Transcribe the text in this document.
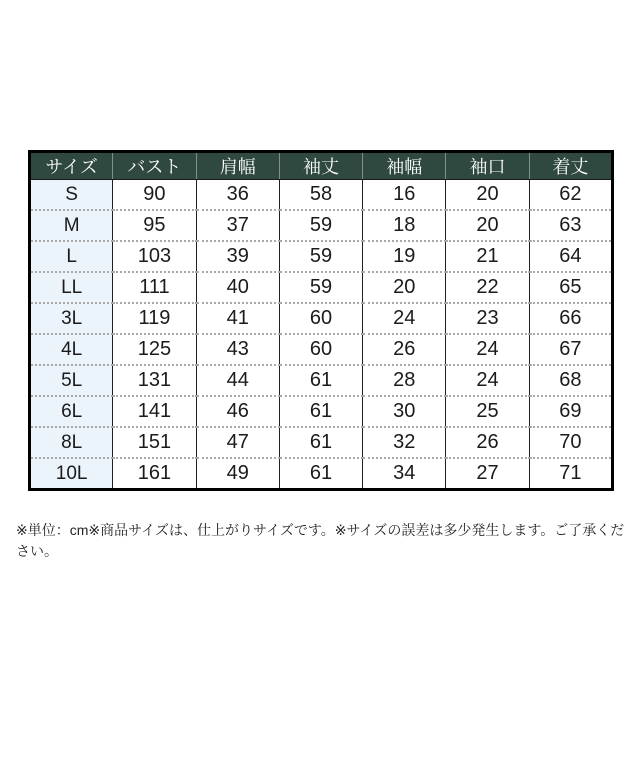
サイズ	バスト	肩幅	袖丈	袖幅	袖口	着丈
S	90	36	58	16	20	62
M	95	37	59	18	20	63
L	103	39	59	19	21	64
LL	111	40	59	20	22	65
3L	119	41	60	24	23	66
4L	125	43	60	26	24	67
5L	131	44	61	28	24	68
6L	141	46	61	30	25	69
8L	151	47	61	32	26	70
10L	161	49	61	34	27	71

※単位：cm※商品サイズは、仕上がりサイズです。※サイズの誤差は多少発生します。ご了承ください。
